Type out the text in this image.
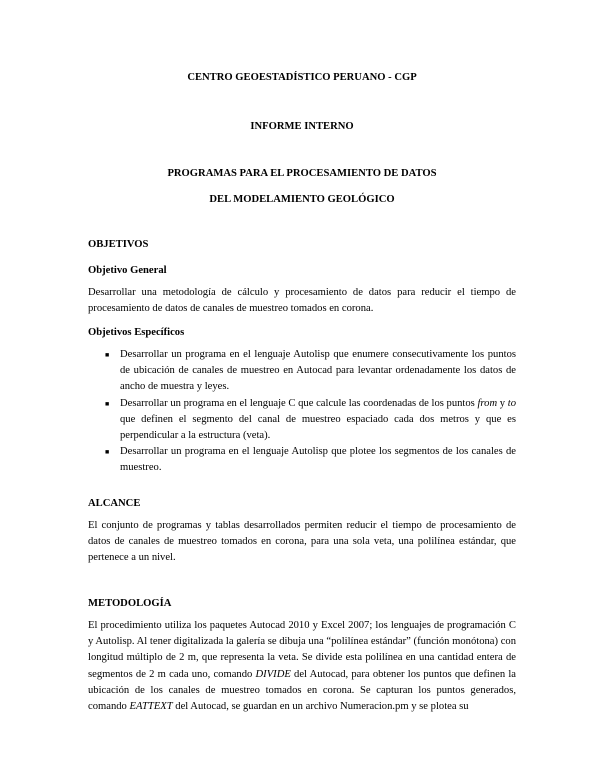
CENTRO GEOESTADÍSTICO PERUANO - CGP
INFORME INTERNO
PROGRAMAS PARA EL PROCESAMIENTO DE DATOS
DEL MODELAMIENTO GEOLÓGICO
OBJETIVOS
Objetivo General

Desarrollar una metodología de cálculo y procesamiento de datos para reducir el tiempo de procesamiento de datos de canales de muestreo tomados en corona.

Objetivos Específicos
■ Desarrollar un programa en el lenguaje Autolisp que enumere consecutivamente los puntos de ubicación de canales de muestreo en Autocad para levantar ordenadamente los datos de ancho de muestra y leyes.
■ Desarrollar un programa en el lenguaje C que calcule las coordenadas de los puntos from y to que definen el segmento del canal de muestreo espaciado cada dos metros y que es perpendicular a la estructura (veta).
■ Desarrollar un programa en el lenguaje Autolisp que plotee los segmentos de los canales de muestreo.
ALCANCE

El conjunto de programas y tablas desarrollados permiten reducir el tiempo de procesamiento de datos de canales de muestreo tomados en corona, para una sola veta, una polilínea estándar, que pertenece a un nivel.

METODOLOGÍA

El procedimiento utiliza los paquetes Autocad 2010 y Excel 2007; los lenguajes de programación C y Autolisp. Al tener digitalizada la galería se dibuja una “polilínea estándar” (función monótona) con longitud múltiplo de 2 m, que representa la veta. Se divide esta polilínea en una cantidad entera de segmentos de 2 m cada uno, comando DIVIDE del Autocad, para obtener los puntos que definen la ubicación de los canales de muestreo tomados en corona. Se capturan los puntos generados, comando EATTEXT del Autocad, se guardan en un archivo Numeracion.pm y se plotea su
